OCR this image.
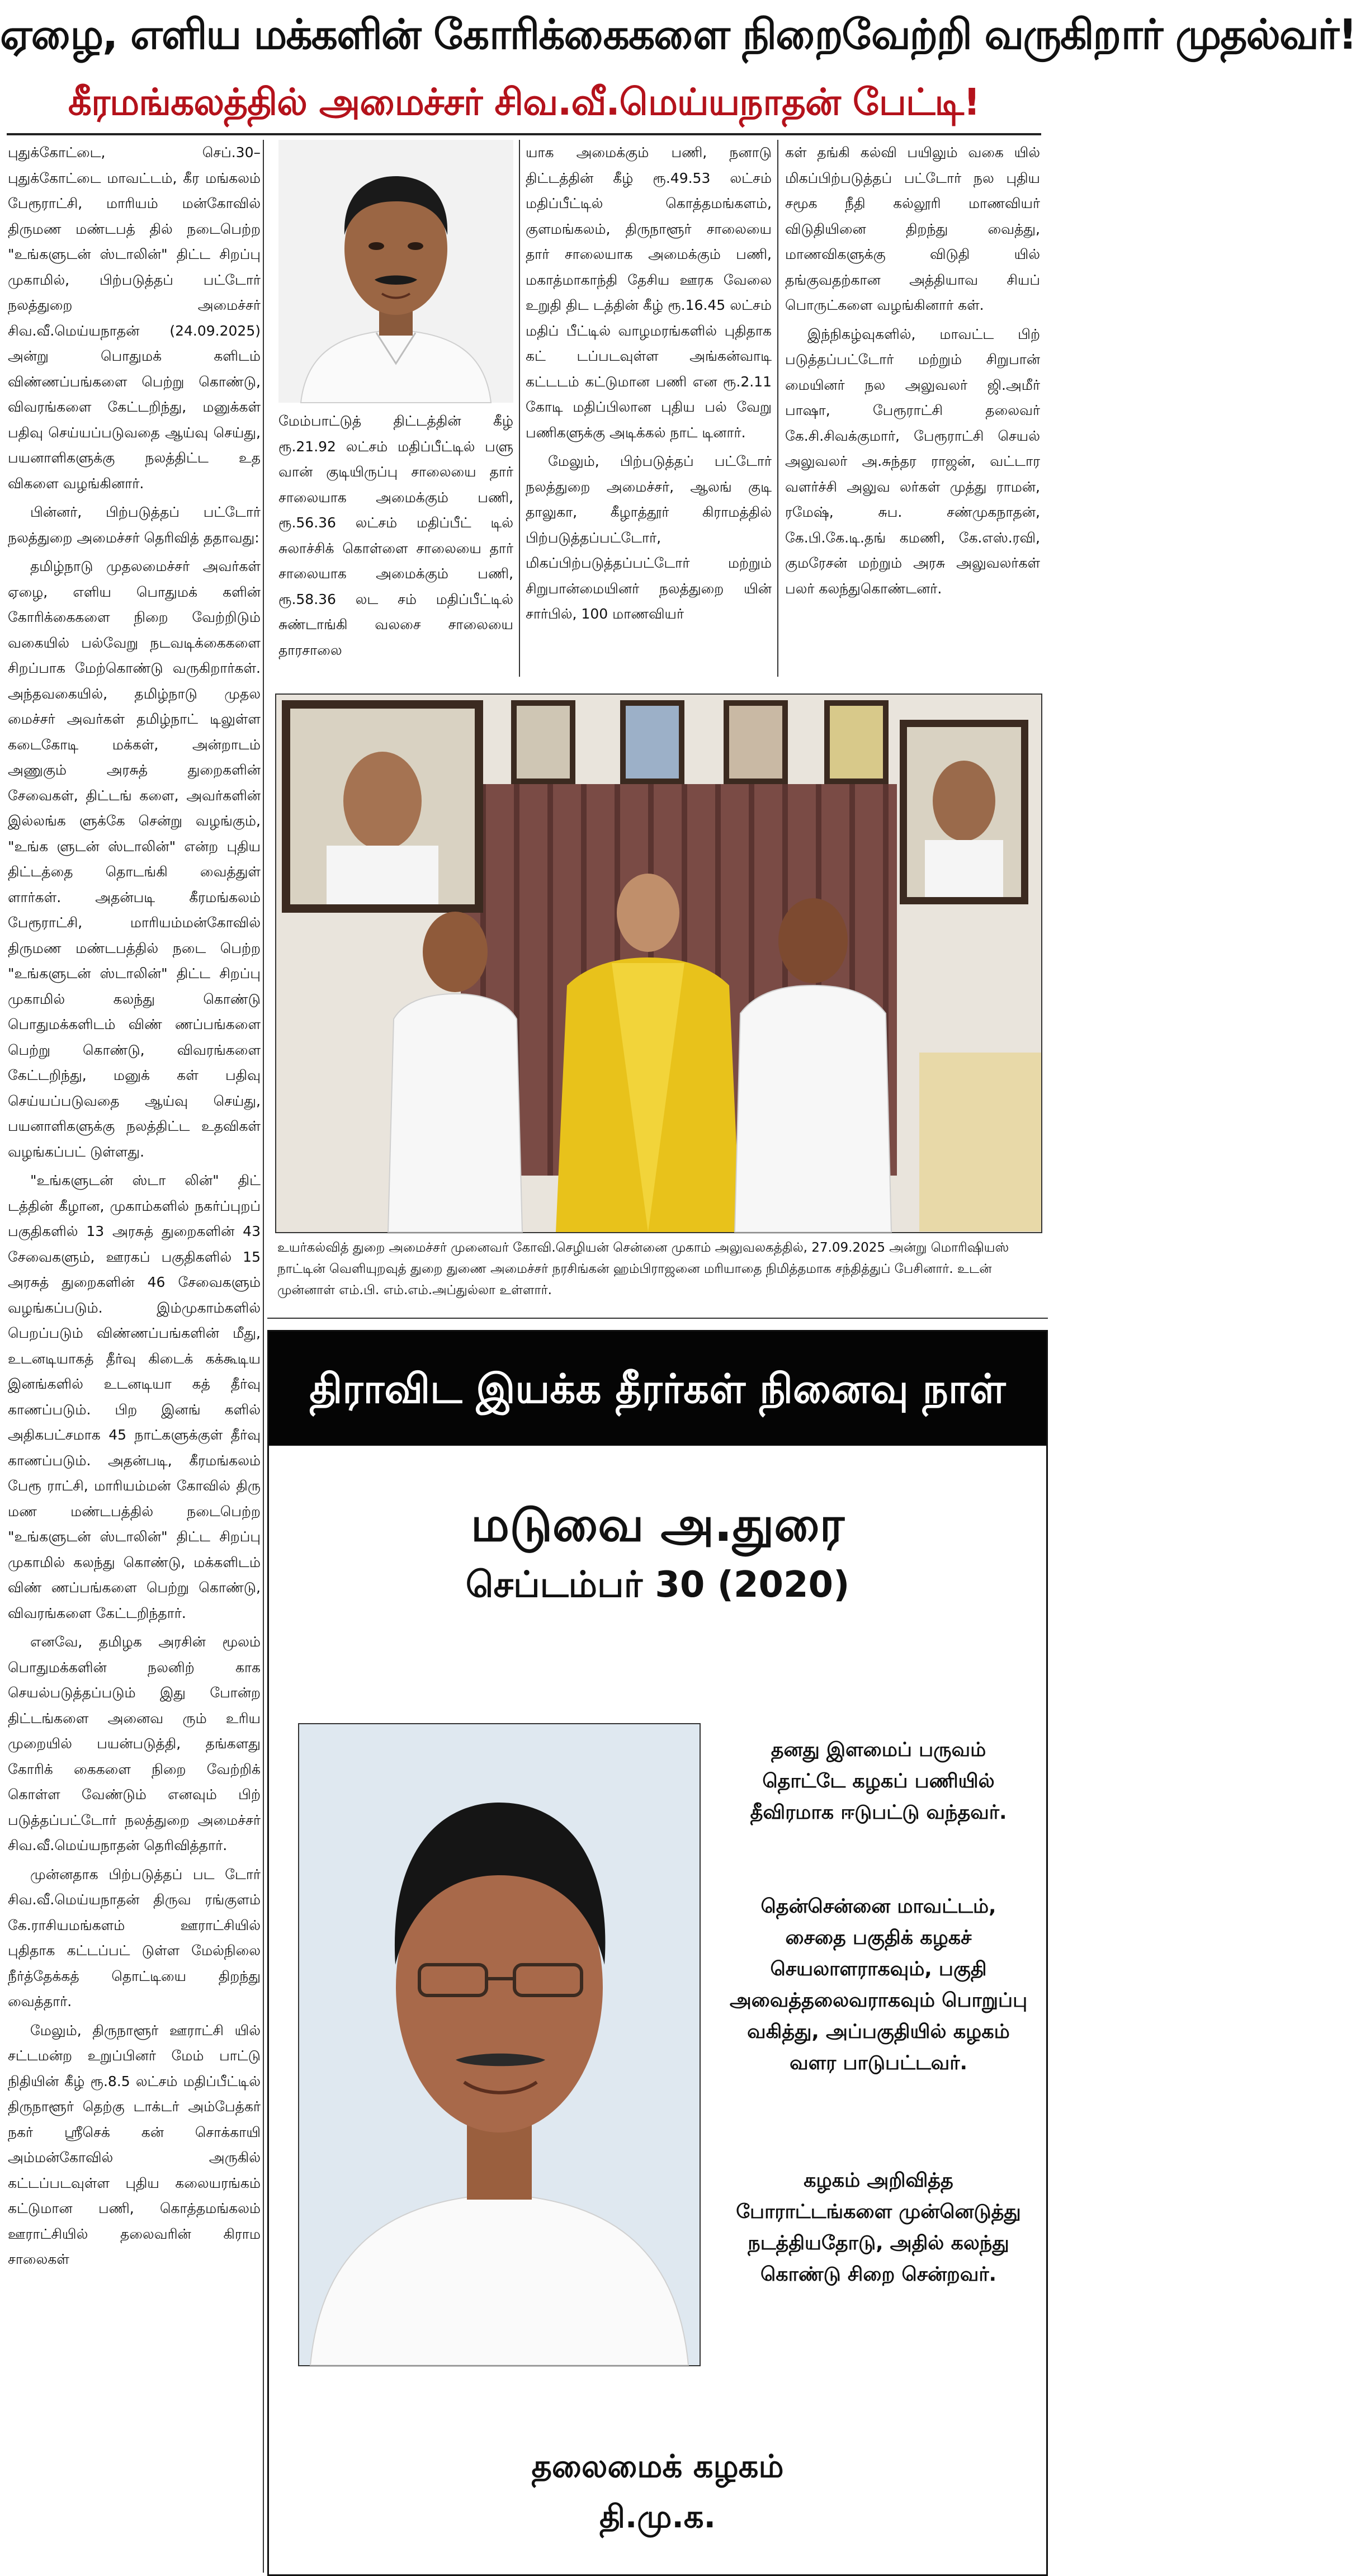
ஏழை, எளிய மக்களின் கோரிக்கைகளை நிறைவேற்றி வருகிறார் முதல்வர்!
கீரமங்கலத்தில் அமைச்சர் சிவ.வீ.மெய்யநாதன் பேட்டி!

புதுக்கோட்டை, செப்.30– புதுக்கோட்டை மாவட்டம், கீர மங்கலம் பேரூராட்சி, மாரியம் மன்கோவில் திருமண மண்டபத் தில் நடைபெற்ற "உங்களுடன் ஸ்டாலின்" திட்ட சிறப்பு முகாமில், பிற்படுத்தப் பட்டோர் நலத்துறை அமைச்சர் சிவ.வீ.மெய்யநாதன் (24.09.2025) அன்று பொதுமக் களிடம் விண்ணப்பங்களை பெற்று கொண்டு, விவரங்களை கேட்டறிந்து, மனுக்கள் பதிவு செய்யப்படுவதை ஆய்வு செய்து, பயனாளிகளுக்கு நலத்திட்ட உத விகளை வழங்கினார்.

பின்னர், பிற்படுத்தப் பட்டோர் நலத்துறை அமைச்சர் தெரிவித் ததாவது:

தமிழ்நாடு முதலமைச்சர் அவர்கள் ஏழை, எளிய பொதுமக் களின் கோரிக்கைகளை நிறை வேற்றிடும் வகையில் பல்வேறு நடவடிக்கைகளை சிறப்பாக மேற்கொண்டு வருகிறார்கள். அந்தவகையில், தமிழ்நாடு முதல மைச்சர் அவர்கள் தமிழ்நாட் டிலுள்ள கடைகோடி மக்கள், அன்றாடம் அணுகும் அரசுத் துறைகளின் சேவைகள், திட்டங் களை, அவர்களின் இல்லங்க ளுக்கே சென்று வழங்கும், "உங்க ளுடன் ஸ்டாலின்" என்ற புதிய திட்டத்தை தொடங்கி வைத்துள் ளார்கள். அதன்படி கீரமங்கலம் பேரூராட்சி, மாரியம்மன்கோவில் திருமண மண்டபத்தில் நடை பெற்ற "உங்களுடன் ஸ்டாலின்" திட்ட சிறப்பு முகாமில் கலந்து கொண்டு பொதுமக்களிடம் விண் ணப்பங்களை பெற்று கொண்டு, விவரங்களை கேட்டறிந்து, மனுக் கள் பதிவு செய்யப்படுவதை ஆய்வு செய்து, பயனாளிகளுக்கு நலத்திட்ட உதவிகள் வழங்கப்பட் டுள்ளது.

"உங்களுடன் ஸ்டா லின்" திட் டத்தின் கீழான, முகாம்களில் நகர்ப்புறப் பகுதிகளில் 13 அரசுத் துறைகளின் 43 சேவைகளும், ஊரகப் பகுதிகளில் 15 அரசுத் துறைகளின் 46 சேவைகளும் வழங்கப்படும். இம்முகாம்களில் பெறப்படும் விண்ணப்பங்களின் மீது, உடனடியாகத் தீர்வு கிடைக் கக்கூடிய இனங்களில் உடனடியா கத் தீர்வு காணப்படும். பிற இனங் களில் அதிகபட்சமாக 45 நாட்களுக்குள் தீர்வு காணப்படும். அதன்படி, கீரமங்கலம் பேரூ ராட்சி, மாரியம்மன் கோவில் திரு மண மண்டபத்தில் நடைபெற்ற "உங்களுடன் ஸ்டாலின்" திட்ட சிறப்பு முகாமில் கலந்து கொண்டு, மக்களிடம் விண் ணப்பங்களை பெற்று கொண்டு, விவரங்களை கேட்டறிந்தார்.

எனவே, தமிழக அரசின் மூலம் பொதுமக்களின் நலனிற் காக செயல்படுத்தப்படும் இது போன்ற திட்டங்களை அனைவ ரும் உரிய முறையில் பயன்படுத்தி, தங்களது கோரிக் கைகளை நிறை வேற்றிக் கொள்ள வேண்டும் எனவும் பிற் படுத்தப்பட்டோர் நலத்துறை அமைச்சர் சிவ.வீ.மெய்யநாதன் தெரிவித்தார்.

முன்னதாக பிற்படுத்தப் பட டோர் சிவ.வீ.மெய்யநாதன் திருவ ரங்குளம் கே.ராசியமங்களம் ஊராட்சியில் புதிதாக கட்டப்பட் டுள்ள மேல்நிலை நீர்த்தேக்கத் தொட்டியை திறந்து வைத்தார்.

மேலும், திருநாளூர் ஊராட்சி யில் சட்டமன்ற உறுப்பினர் மேம் பாட்டு நிதியின் கீழ் ரூ.8.5 லட்சம் மதிப்பீட்டில் திருநாளூர் தெற்கு டாக்டர் அம்பேத்கர் நகர் ஸ்ரீசெக் கன் சொக்காயி அம்மன்கோவில் அருகில் கட்டப்படவுள்ள புதிய கலையரங்கம் கட்டுமான பணி, கொத்தமங்கலம் ஊராட்சியில் தலைவரின் கிராம சாலைகள்

மேம்பாட்டுத் திட்டத்தின் கீழ் ரூ.21.92 லட்சம் மதிப்பீட்டில் பளு வான் குடியிருப்பு சாலையை தார் சாலையாக அமைக்கும் பணி, ரூ.56.36 லட்சம் மதிப்பீட் டில் சுலாச்சிக் கொள்ளை சாலையை தார் சாலையாக அமைக்கும் பணி, ரூ.58.36 லட சம் மதிப்பீட்டில் சுண்டாங்கி வலசை சாலையை தாரசாலை

யாக அமைக்கும் பணி, நனாடு திட்டத்தின் கீழ் ரூ.49.53 லட்சம் மதிப்பீட்டில் கொத்தமங்களம், குளமங்கலம், திருநாளூர் சாலையை தார் சாலையாக அமைக்கும் பணி, மகாத்மாகாந்தி தேசிய ஊரக வேலை உறுதி திட டத்தின் கீழ் ரூ.16.45 லட்சம் மதிப் பீட்டில் வாழமரங்களில் புதிதாக கட் டப்படவுள்ள அங்கன்வாடி கட்டடம் கட்டுமான பணி என ரூ.2.11 கோடி மதிப்பிலான புதிய பல் வேறு பணிகளுக்கு அடிக்கல் நாட் டினார்.

மேலும், பிற்படுத்தப் பட்டோர் நலத்துறை அமைச்சர், ஆலங் குடி தாலுகா, கீழாத்தூர் கிராமத்தில் பிற்படுத்தப்பட்டோர், மிகப்பிற்படுத்தப்பட்டோர் மற்றும் சிறுபான்மையினர் நலத்துறை யின் சார்பில், 100 மாணவியர்

கள் தங்கி கல்வி பயிலும் வகை யில் மிகப்பிற்படுத்தப் பட்டோர் நல புதிய சமூக நீதி கல்லூரி மாணவியர் விடுதியினை திறந்து வைத்து, மாணவிகளுக்கு விடுதி யில் தங்குவதற்கான அத்தியாவ சியப் பொருட்களை வழங்கினார் கள்.

இந்நிகழ்வுகளில், மாவட்ட பிற் படுத்தப்பட்டோர் மற்றும் சிறுபான் மையினர் நல அலுவலர் ஜி.அமீர் பாஷா, பேரூராட்சி தலைவர் கே.சி.சிவக்குமார், பேரூராட்சி செயல் அலுவலர் அ.சுந்தர ராஜன், வட்டார வளர்ச்சி அலுவ லர்கள் முத்து ராமன், ரமேஷ், சுப. சண்முகநாதன், கே.பி.கே.டி.தங் கமணி, கே.எஸ்.ரவி, குமரேசன் மற்றும் அரசு அலுவலர்கள் பலர் கலந்துகொண்டனர்.

உயர்கல்வித் துறை அமைச்சர் முனைவர் கோவி.செழியன் சென்னை முகாம் அலுவலகத்தில், 27.09.2025 அன்று மொரிஷியஸ் நாட்டின் வெளியுறவுத் துறை துணை அமைச்சர் நரசிங்கன் ஹம்பிராஜனை மரியாதை நிமித்தமாக சந்தித்துப் பேசினார். உடன் முன்னாள் எம்.பி. எம்.எம்.அப்துல்லா உள்ளார்.
திராவிட இயக்க தீரர்கள் நினைவு நாள்
மடுவை அ.துரை
செப்டம்பர் 30 (2020)
தனது இளமைப் பருவம் தொட்டே கழகப் பணியில் தீவிரமாக ஈடுபட்டு வந்தவர்.
தென்சென்னை மாவட்டம், சைதை பகுதிக் கழகச் செயலாளராகவும், பகுதி அவைத்தலைவராகவும் பொறுப்பு வகித்து, அப்பகுதியில் கழகம் வளர பாடுபட்டவர்.
கழகம் அறிவித்த போராட்டங்களை முன்னெடுத்து நடத்தியதோடு, அதில் கலந்து கொண்டு சிறை சென்றவர்.
தலைமைக் கழகம்
தி.மு.க.
